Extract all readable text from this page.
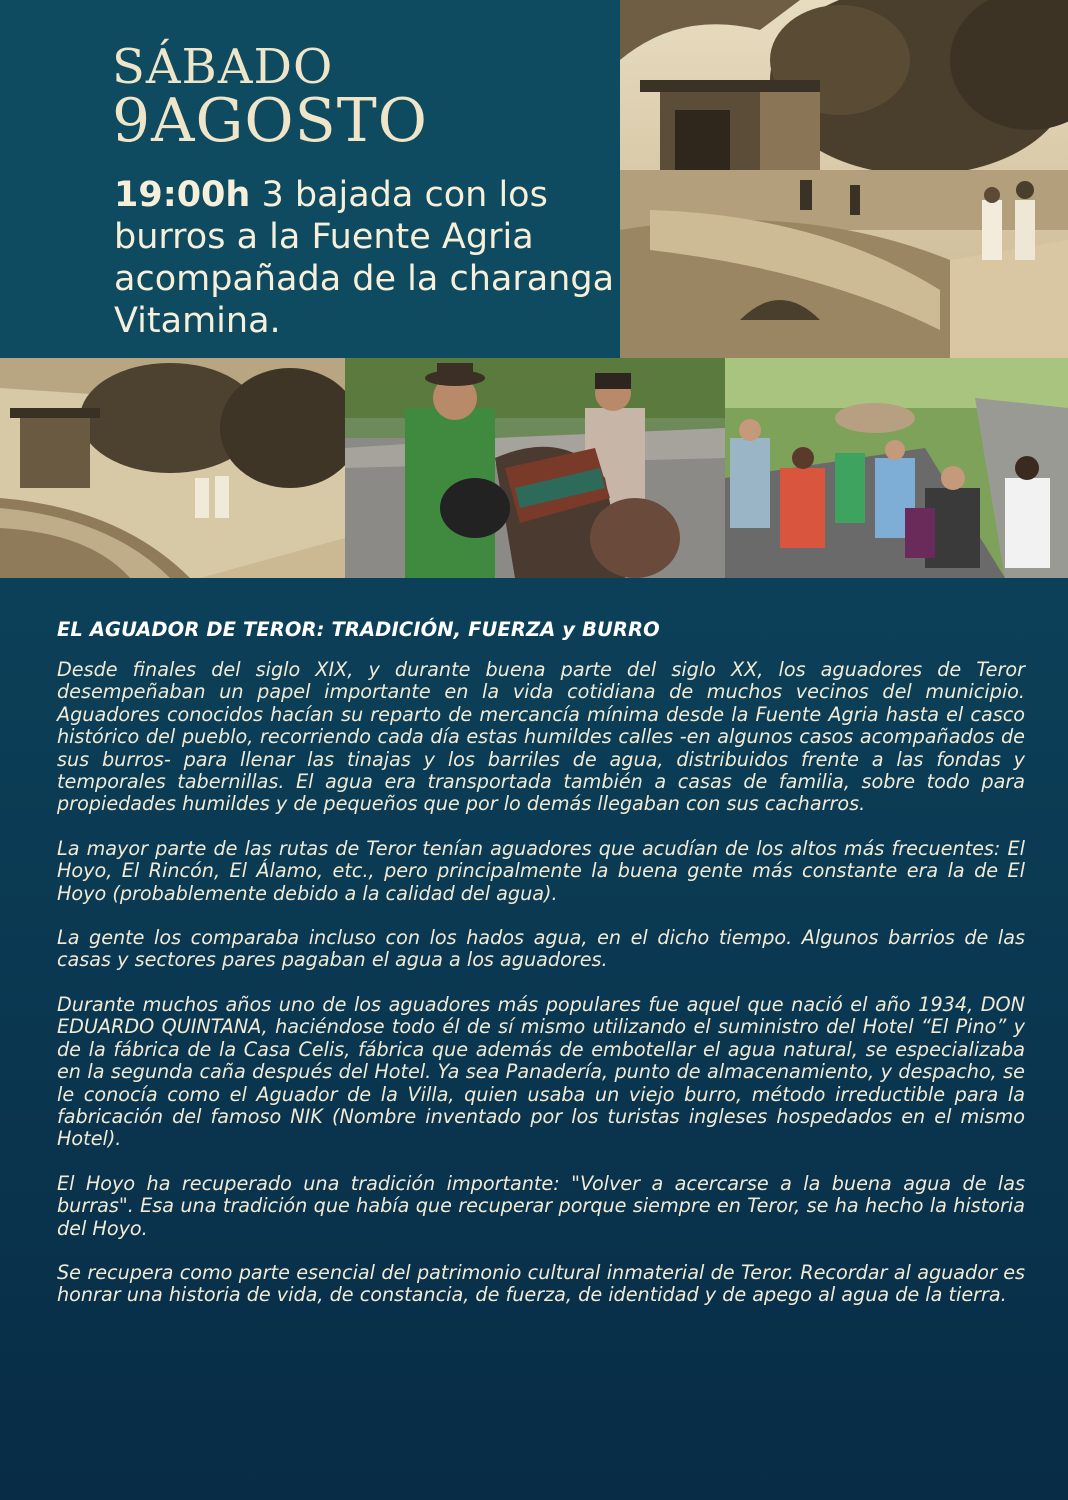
SÁBADO
9AGOSTO
19:00h 3 bajada con los burros a la Fuente Agria acompañada de la charanga Vitamina.
EL AGUADOR DE TEROR: TRADICIÓN, FUERZA y BURRO

Desde finales del siglo XIX, y durante buena parte del siglo XX, los aguadores de Teror desempeñaban un papel importante en la vida cotidiana de muchos vecinos del municipio. Aguadores conocidos hacían su reparto de mercancía mínima desde la Fuente Agria hasta el casco histórico del pueblo, recorriendo cada día estas humildes calles -en algunos casos acompañados de sus burros- para llenar las tinajas y los barriles de agua, distribuidos frente a las fondas y temporales tabernillas. El agua era transportada también a casas de familia, sobre todo para propiedades humildes y de pequeños que por lo demás llegaban con sus cacharros.

La mayor parte de las rutas de Teror tenían aguadores que acudían de los altos más frecuentes: El Hoyo, El Rincón, El Álamo, etc., pero principalmente la buena gente más constante era la de El Hoyo (probablemente debido a la calidad del agua).

La gente los comparaba incluso con los hados agua, en el dicho tiempo. Algunos barrios de las casas y sectores pares pagaban el agua a los aguadores.

Durante muchos años uno de los aguadores más populares fue aquel que nació el año 1934, DON EDUARDO QUINTANA, haciéndose todo él de sí mismo utilizando el suministro del Hotel “El Pino” y de la fábrica de la Casa Celis, fábrica que además de embotellar el agua natural, se especializaba en la segunda caña después del Hotel. Ya sea Panadería, punto de almacenamiento, y despacho, se le conocía como el Aguador de la Villa, quien usaba un viejo burro, método irreductible para la fabricación del famoso NIK (Nombre inventado por los turistas ingleses hospedados en el mismo Hotel).

El Hoyo ha recuperado una tradición importante: "Volver a acercarse a la buena agua de las burras". Esa una tradición que había que recuperar porque siempre en Teror, se ha hecho la historia del Hoyo.

Se recupera como parte esencial del patrimonio cultural inmaterial de Teror. Recordar al aguador es honrar una historia de vida, de constancia, de fuerza, de identidad y de apego al agua de la tierra.
